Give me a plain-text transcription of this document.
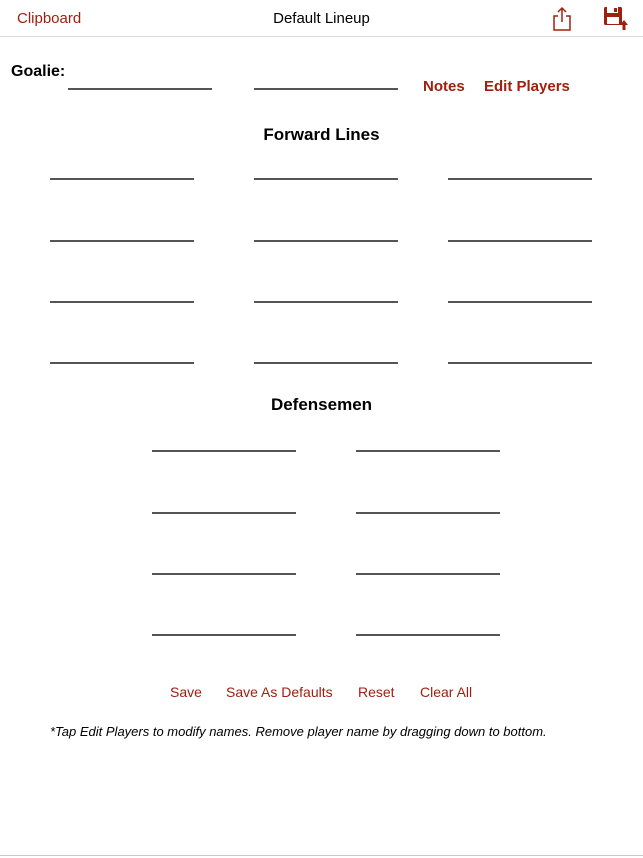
Clipboard	Default Lineup
Goalie:
Notes Edit Players
Forward Lines
Defensemen
Save Save As Defaults Reset Clear All
*Tap Edit Players to modify names. Remove player name by dragging down to bottom.
